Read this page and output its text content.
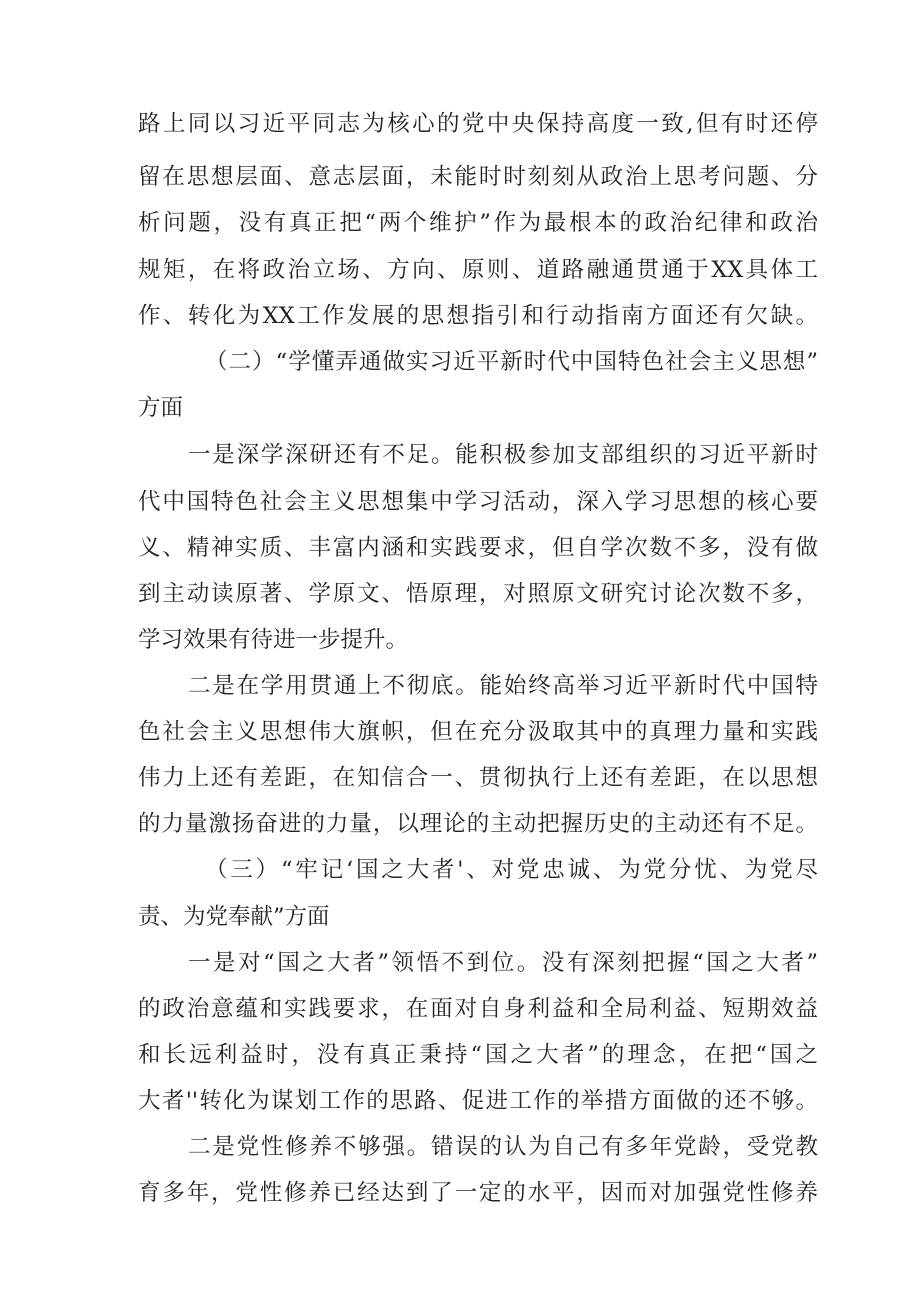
路上同以习近平同志为核心的党中央保持高度一致,但有时还停
留在思想层面、意志层面，未能时时刻刻从政治上思考问题、分
析问题，没有真正把“两个维护”作为最根本的政治纪律和政治
规矩，在将政治立场、方向、原则、道路融通贯通于XX具体工
作、转化为XX工作发展的思想指引和行动指南方面还有欠缺。
（二）“学懂弄通做实习近平新时代中国特色社会主义思想”
方面
一是深学深研还有不足。能积极参加支部组织的习近平新时
代中国特色社会主义思想集中学习活动，深入学习思想的核心要
义、精神实质、丰富内涵和实践要求，但自学次数不多，没有做
到主动读原著、学原文、悟原理，对照原文研究讨论次数不多，
学习效果有待进一步提升。
二是在学用贯通上不彻底。能始终高举习近平新时代中国特
色社会主义思想伟大旗帜，但在充分汲取其中的真理力量和实践
伟力上还有差距，在知信合一、贯彻执行上还有差距，在以思想
的力量激扬奋进的力量，以理论的主动把握历史的主动还有不足。
（三）“牢记‘国之大者'、对党忠诚、为党分忧、为党尽
责、为党奉献”方面
一是对“国之大者”领悟不到位。没有深刻把握“国之大者”
的政治意蕴和实践要求，在面对自身利益和全局利益、短期效益
和长远利益时，没有真正秉持“国之大者”的理念，在把“国之
大者''转化为谋划工作的思路、促进工作的举措方面做的还不够。
二是党性修养不够强。错误的认为自己有多年党龄，受党教
育多年，党性修养已经达到了一定的水平，因而对加强党性修养
